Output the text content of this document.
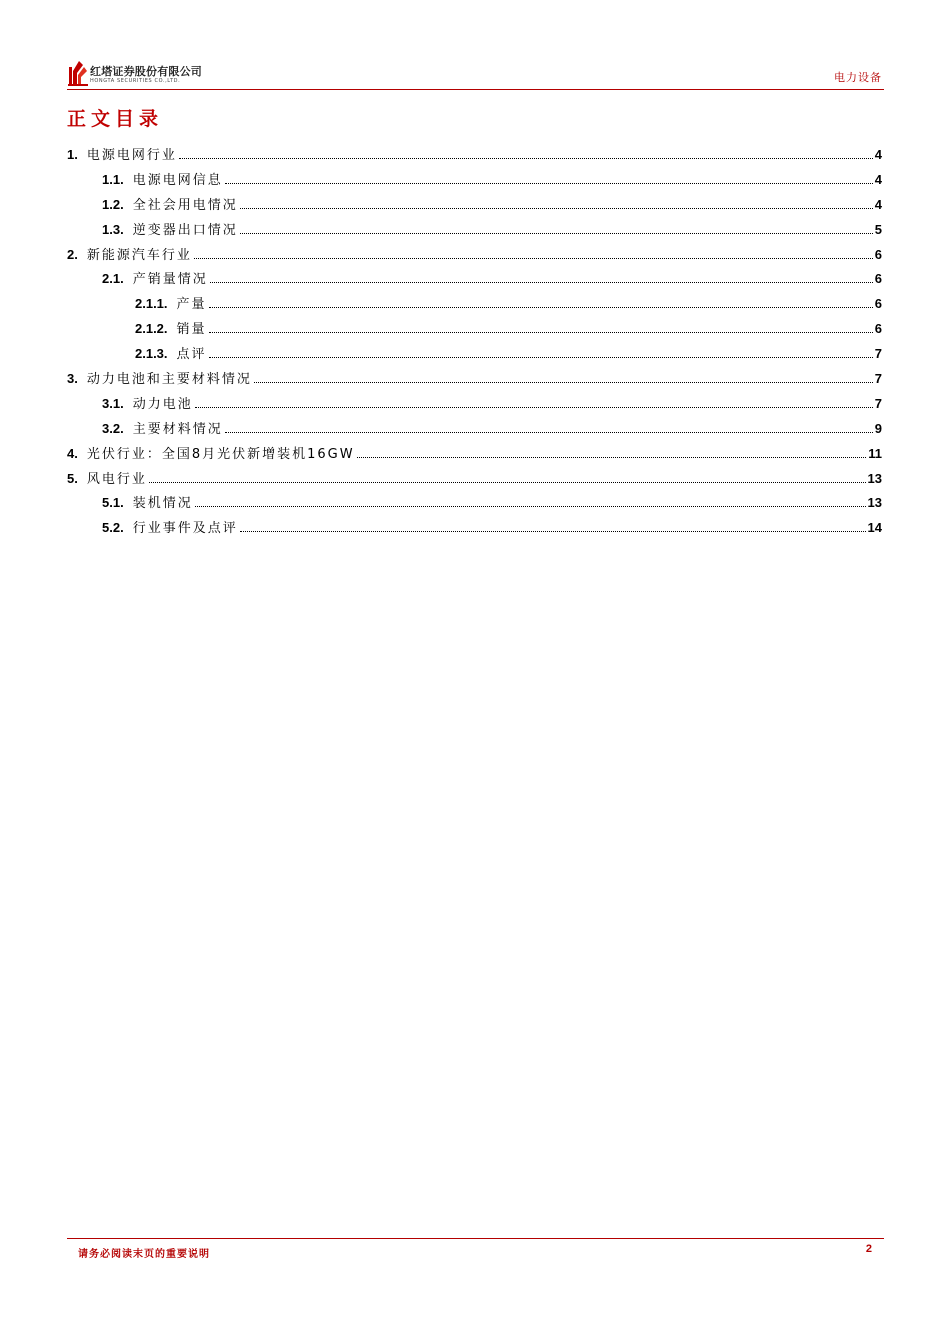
红塔证券股份有限公司
HONGTA SECURITIES CO.,LTD.	电力设备
正文目录
1. 电源电网行业	4
1.1. 电源电网信息	4
1.2. 全社会用电情况	4
1.3. 逆变器出口情况	5
2. 新能源汽车行业	6
2.1. 产销量情况	6
2.1.1. 产量	6
2.1.2. 销量	6
2.1.3. 点评	7
3. 动力电池和主要材料情况	7
3.1. 动力电池	7
3.2. 主要材料情况	9
4. 光伏行业：全国8月光伏新增装机16GW	11
5. 风电行业	13
5.1. 装机情况	13
5.2. 行业事件及点评	14
请务必阅读末页的重要说明	2
